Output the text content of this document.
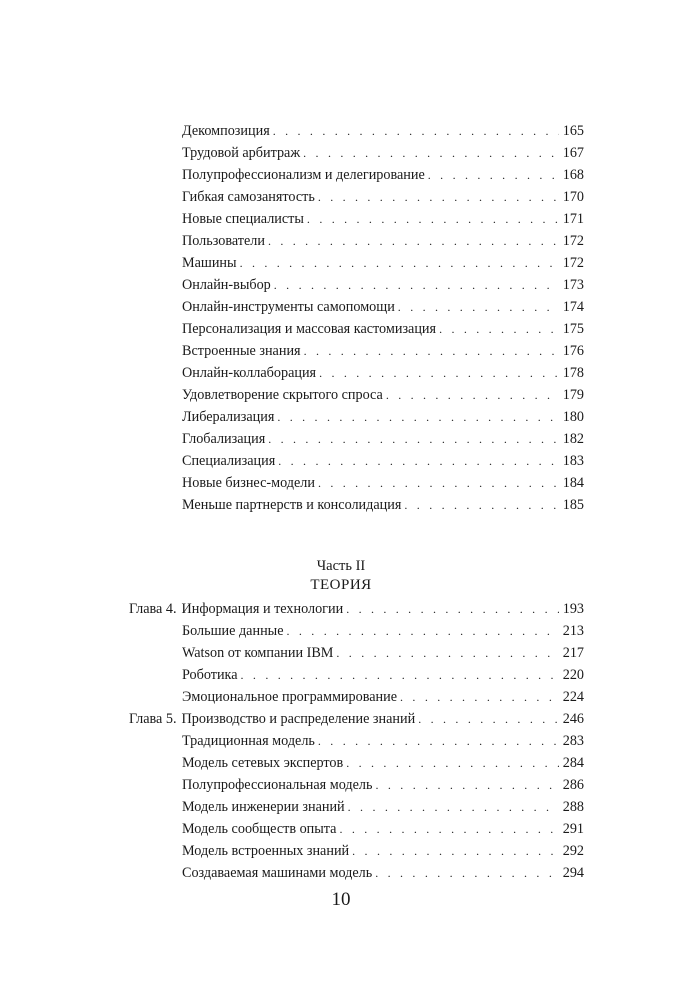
Декомпозиция . . .	165
Трудовой арбитраж . . .	167
Полупрофессионализм и делегирование . . .	168
Гибкая самозанятость . . .	170
Новые специалисты . . .	171
Пользователи . . .	172
Машины . . .	172
Онлайн-выбор . . .	173
Онлайн-инструменты самопомощи . . .	174
Персонализация и массовая кастомизация . . .	175
Встроенные знания . . .	176
Онлайн-коллаборация . . .	178
Удовлетворение скрытого спроса . . .	179
Либерализация . . .	180
Глобализация . . .	182
Специализация . . .	183
Новые бизнес-модели . . .	184
Меньше партнерств и консолидация . . .	185
Часть II
ТЕОРИЯ
Глава 4. Информация и технологии . . .	193
Большие данные . . .	213
Watson от компании IBM . . .	217
Роботика . . .	220
Эмоциональное программирование . . .	224
Глава 5. Производство и распределение знаний . . .	246
Традиционная модель . . .	283
Модель сетевых экспертов . . .	284
Полупрофессиональная модель . . .	286
Модель инженерии знаний . . .	288
Модель сообществ опыта . . .	291
Модель встроенных знаний . . .	292
Создаваемая машинами модель . . .	294
10
